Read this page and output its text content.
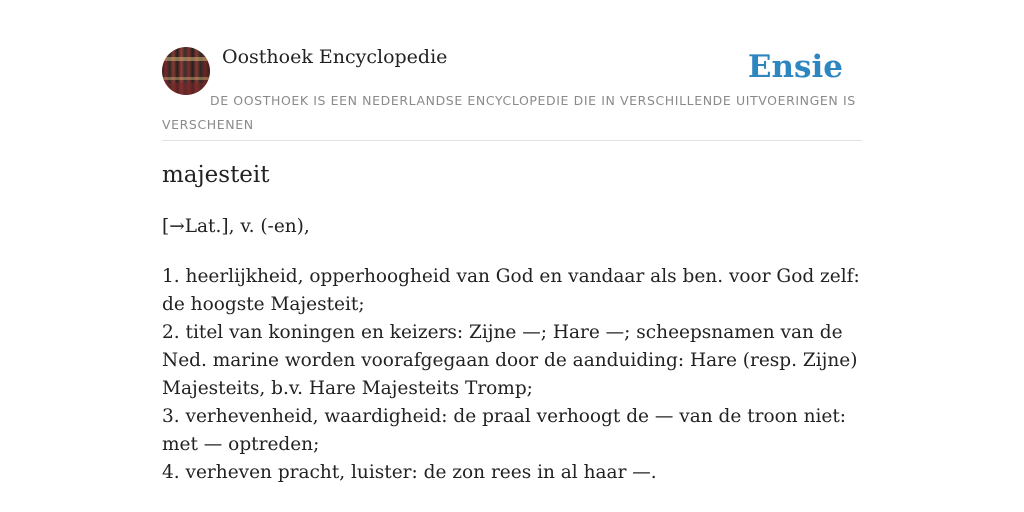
Oosthoek Encyclopedie	Ensie
DE OOSTHOEK IS EEN NEDERLANDSE ENCYCLOPEDIE DIE IN VERSCHILLENDE UITVOERINGEN IS VERSCHENEN
majesteit
[→Lat.], v. (-en),
1. heerlijkheid, opperhoogheid van God en vandaar als ben. voor God zelf: de hoogste Majesteit;
2. titel van koningen en keizers: Zijne —; Hare —; scheepsnamen van de Ned. marine worden voorafgegaan door de aanduiding: Hare (resp. Zijne) Majesteits, b.v. Hare Majesteits Tromp;
3. verhevenheid, waardigheid: de praal verhoogt de — van de troon niet: met — optreden;
4. verheven pracht, luister: de zon rees in al haar —.
